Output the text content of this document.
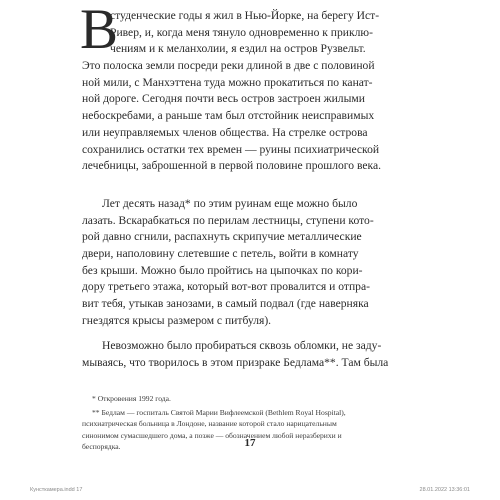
В
студенческие годы я жил в Нью-Йорке, на берегу Ист-
Ривер, и, когда меня тянуло одновременно к приклю-
чениям и к меланхолии, я ездил на остров Рузвельт.
Это полоска земли посреди реки длиной в две с половиной
ной мили, с Манхэттена туда можно прокатиться по канат-
ной дороге. Сегодня почти весь остров застроен жилыми
небоскребами, а раньше там был отстойник неисправимых
или неуправляемых членов общества. На стрелке острова
сохранились остатки тех времен — руины психиатрической
лечебницы, заброшенной в первой половине прошлого века.
Лет десять назад* по этим руинам еще можно было
лазать. Вскарабкаться по перилам лестницы, ступени кото-
рой давно сгнили, распахнуть скрипучие металлические
двери, наполовину слетевшие с петель, войти в комнату
без крыши. Можно было пройтись на цыпочках по кори-
дору третьего этажа, который вот-вот провалится и отпра-
вит тебя, утыкав занозами, в самый подвал (где наверняка
гнездятся крысы размером с питбуля).
Невозможно было пробираться сквозь обломки, не заду-
мываясь, что творилось в этом призраке Бедлама**. Там была
* Откровения 1992 года.
** Бедлам — госпиталь Святой Марии Вифлеемской (Bethlem Royal Hospital),
психиатрическая больница в Лондоне, название которой стало нарицательным
синонимом сумасшедшего дома, а позже — обозначением любой неразберихи и
беспорядка.	17
Кунсткамера.indd 17	28.01.2022 13:36:01
